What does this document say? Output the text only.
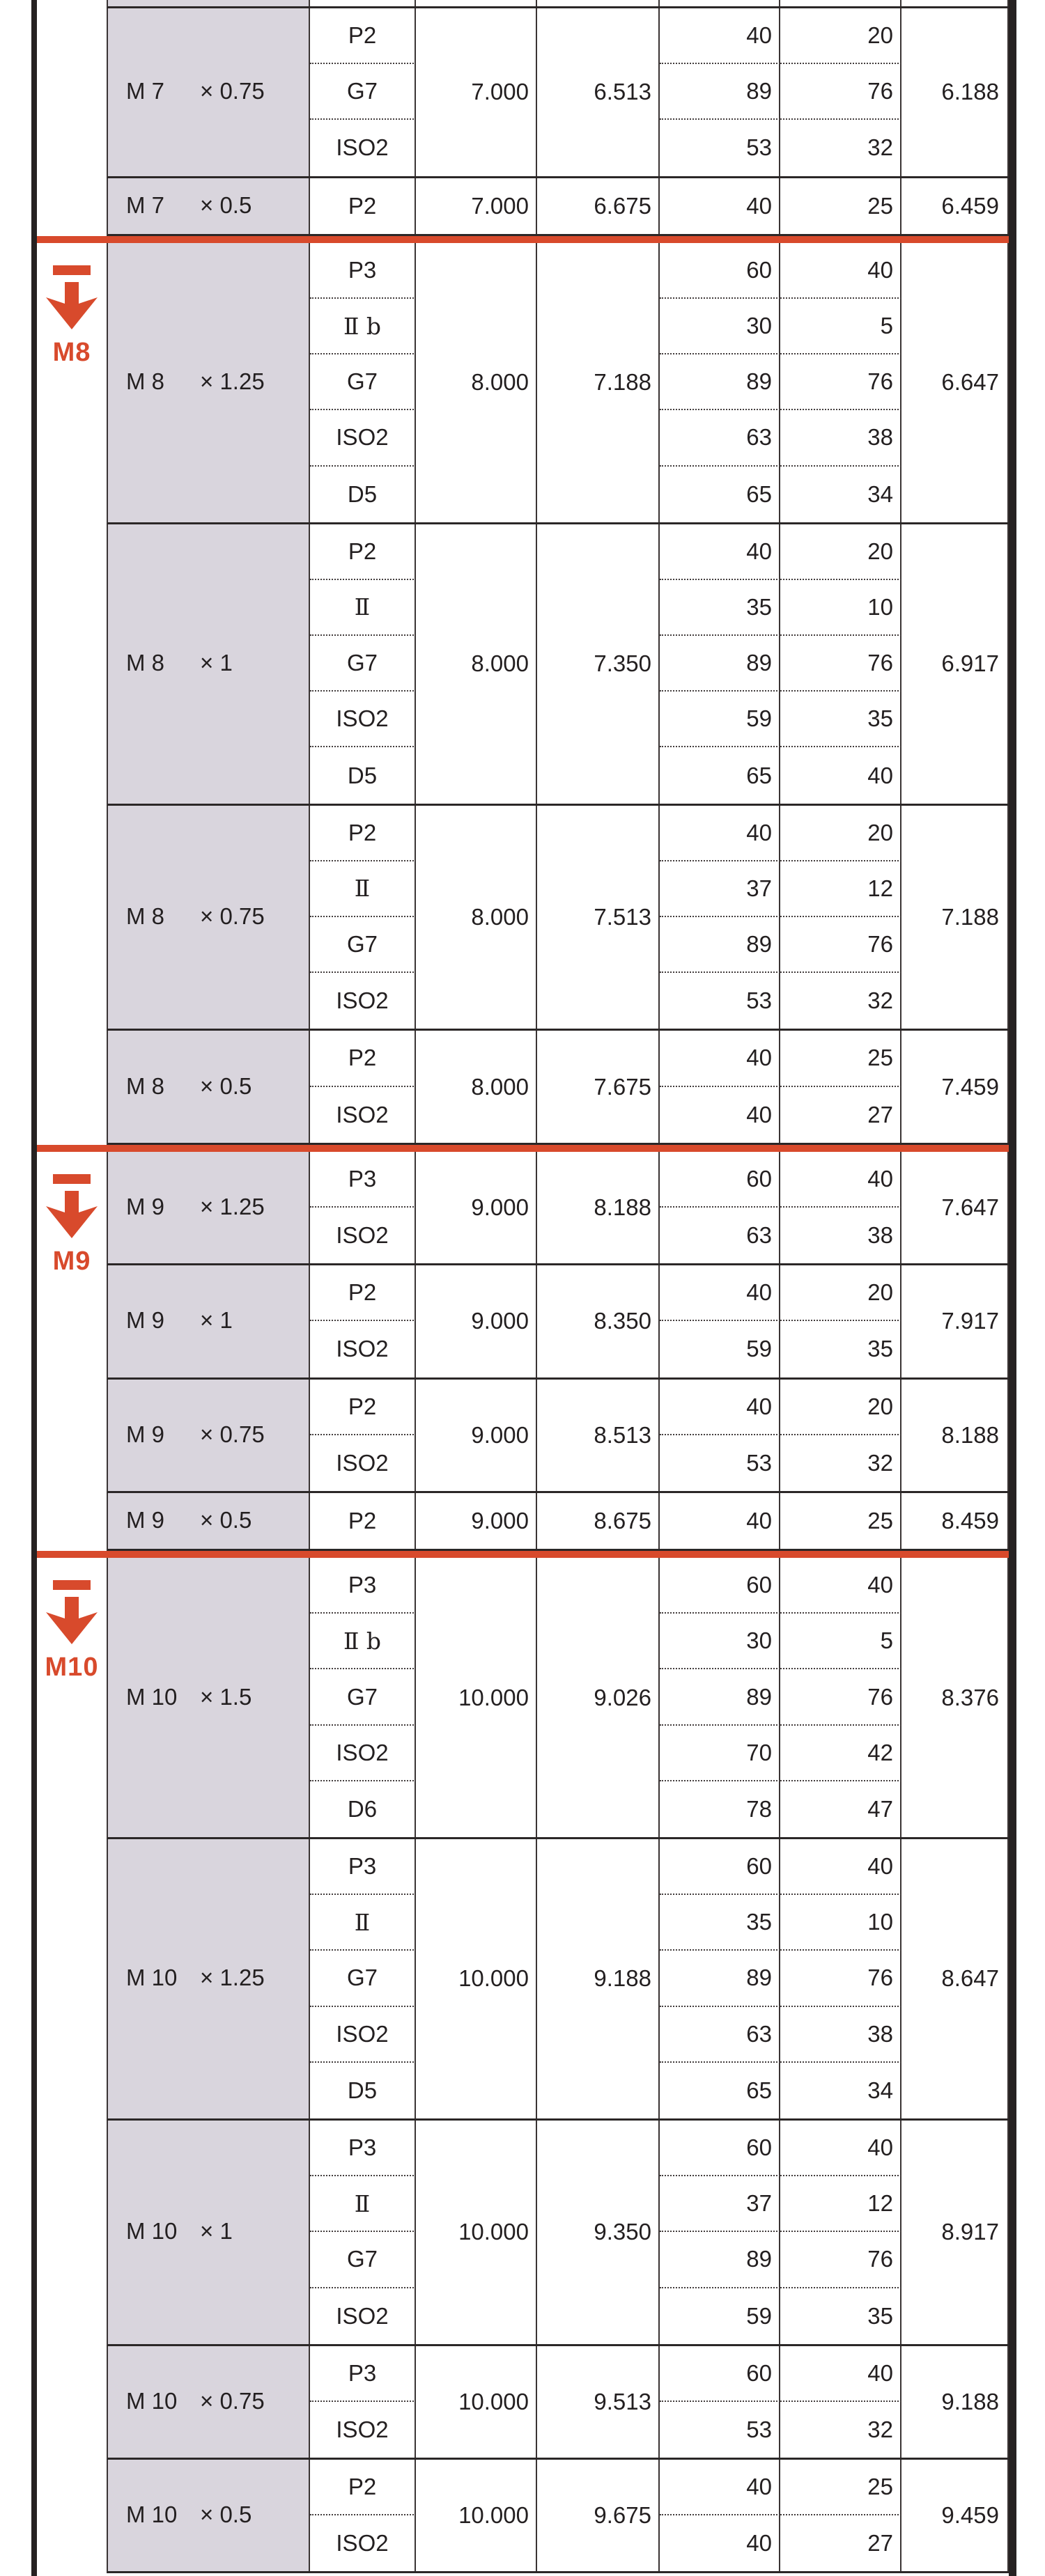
M 7 × 0.75	7.000	6.513	6.188
P2	40	20
G7	89	76
ISO2	53	32
M 7 × 0.5	7.000	6.675	6.459
P2	40	25
M8
M 8 × 1.25	8.000	7.188	6.647
P3	60	40
Ⅱ b	30	5
G7	89	76
ISO2	63	38
D5	65	34
M 8 × 1	8.000	7.350	6.917
P2	40	20
Ⅱ	35	10
G7	89	76
ISO2	59	35
D5	65	40
M 8 × 0.75	8.000	7.513	7.188
P2	40	20
Ⅱ	37	12
G7	89	76
ISO2	53	32
M 8 × 0.5	8.000	7.675	7.459
P2	40	25
ISO2	40	27
M9
M 9 × 1.25	9.000	8.188	7.647
P3	60	40
ISO2	63	38
M 9 × 1	9.000	8.350	7.917
P2	40	20
ISO2	59	35
M 9 × 0.75	9.000	8.513	8.188
P2	40	20
ISO2	53	32
M 9 × 0.5	9.000	8.675	8.459
P2	40	25
M10
M 10 × 1.5	10.000	9.026	8.376
P3	60	40
Ⅱ b	30	5
G7	89	76
ISO2	70	42
D6	78	47
M 10 × 1.25	10.000	9.188	8.647
P3	60	40
Ⅱ	35	10
G7	89	76
ISO2	63	38
D5	65	34
M 10 × 1	10.000	9.350	8.917
P3	60	40
Ⅱ	37	12
G7	89	76
ISO2	59	35
M 10 × 0.75	10.000	9.513	9.188
P3	60	40
ISO2	53	32
M 10 × 0.5	10.000	9.675	9.459
P2	40	25
ISO2	40	27
